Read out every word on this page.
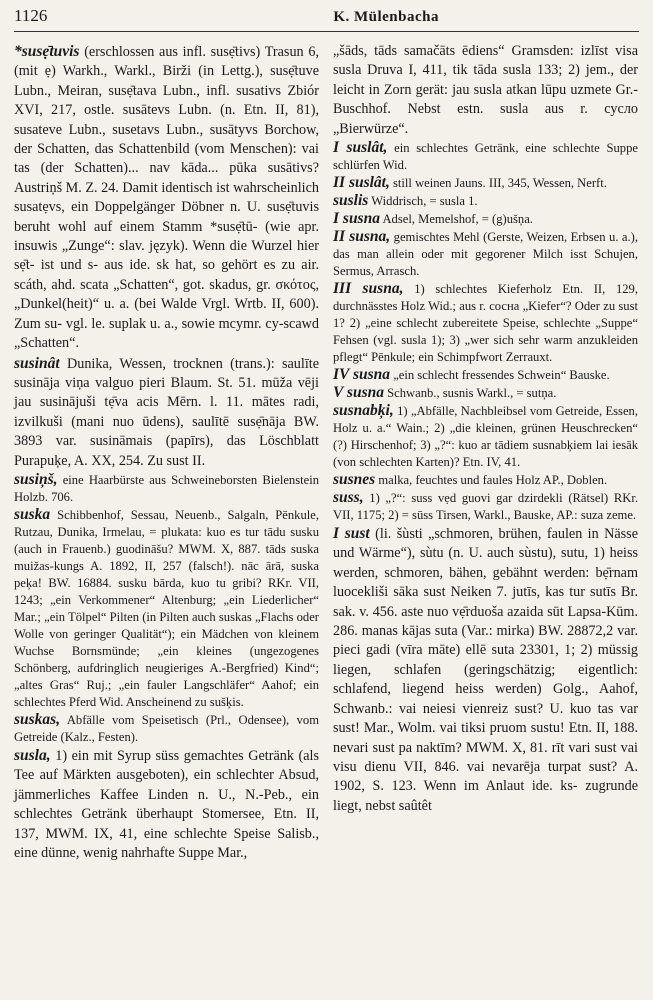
1126	K. Mülenbacha

*susẹ̄tuvis (erschlossen aus infl. susẹ̄tivs) Trasun 6, (mit ẹ) Warkh., Warkl., Birži (in Lettg.), susẹ̄tuve Lubn., Meiran, susẹ̄tava Lubn., infl. susativs Zbiór XVI, 217, ostle. susātevs Lubn. (n. Etn. II, 81), susateve Lubn., susetavs Lubn., susātyvs Borchow, der Schatten, das Schattenbild (vom Menschen): vai tas (der Schatten)... nav kāda... pūka susātivs? Austriņš M. Z. 24. Damit identisch ist wahrscheinlich susatẹvs, ein Doppelgänger Döbner n. U. susẹ̄tuvis beruht wohl auf einem Stamm *susẹ̄tū- (wie apr. insuwis „Zunge“: slav. język). Wenn die Wurzel hier sẹ̄t- ist und s- aus ide. sk hat, so gehört es zu air. scáth, ahd. scata „Schatten“, got. skadus, gr. σκότος, „Dunkel(heit)“ u. a. (bei Walde Vrgl. Wrtb. II, 600). Zum su- vgl. le. suplak u. a., sowie mcymr. cy-scawd „Schatten“.

susinât Dunika, Wessen, trocknen (trans.): saulīte susināja viņa valguo pieri Blaum. St. 51. mūža vēji jau susinājuši tẹ̄va acis Mērn. l. 11. mātes radi, izvilkuši (mani nuo ūdens), saulītē susẹ̄nāja BW. 3893 var. susināmais (papīrs), das Löschblatt Purapuķe, A. XX, 254. Zu sust II.

susiņš, eine Haarbürste aus Schweineborsten Bielenstein Holzb. 706.

suska Schibbenhof, Sessau, Neuenb., Salgaln, Pēnkule, Rutzau, Dunika, Irmelau, = plukata: kuo es tur tādu susku (auch in Frauenb.) guodināšu? MWM. X, 887. tāds suska muižas-kungs A. 1892, II, 257 (falsch!). nāc ārā, suska peķa! BW. 16884. susku bārda, kuo tu gribi? RKr. VII, 1243; „ein Verkommener“ Altenburg; „ein Liederlicher“ Mar.; „ein Tölpel“ Pilten (in Pilten auch suskas „Flachs oder Wolle von geringer Qualität“); ein Mädchen von kleinem Wuchse Bornsmünde; „ein kleines (ungezogenes Schönberg, aufdringlich neugieriges A.-Bergfried) Kind“; „altes Gras“ Ruj.; „ein fauler Langschläfer“ Aahof; ein schlechtes Pferd Wid. Anscheinend zu sušķis.

suskas, Abfälle vom Speisetisch (Prl., Odensee), vom Getreide (Kalz., Festen).

susla, 1) ein mit Syrup süss gemachtes Getränk (als Tee auf Märkten ausgeboten), ein schlechter Absud, jämmerliches Kaffee Linden n. U., N.-Peb., ein schlechtes Getränk überhaupt Stomersee, Etn. II, 137, MWM. IX, 41, eine schlechte Speise Salisb., eine dünne, wenig nahrhafte Suppe Mar.,

„šāds, tāds samačāts ēdiens“ Gramsden: izlīst visa susla Druva I, 411, tik tāda susla 133; 2) jem., der leicht in Zorn gerät: jau susla atkan lūpu uzmete Gr.-Buschhof. Nebst estn. susla aus r. сусло „Bierwürze“.

I suslât, ein schlechtes Getränk, eine schlechte Suppe schlürfen Wid.

II suslât, still weinen Jauns. III, 345, Wessen, Nerft.

suslis Widdrisch, = susla 1.

I susna Adsel, Memelshof, = (g)ušņa.

II susna, gemischtes Mehl (Gerste, Weizen, Erbsen u. a.), das man allein oder mit gegorener Milch isst Schujen, Sermus, Arrasch.

III susna, 1) schlechtes Kieferholz Etn. II, 129, durchnässtes Holz Wid.; aus r. сосна „Kiefer“? Oder zu sust 1? 2) „eine schlecht zubereitete Speise, schlechte „Suppe“ Fehsen (vgl. susla 1); 3) „wer sich sehr warm anzukleiden pflegt“ Pēnkule; ein Schimpfwort Zerrauxt.

IV susna „ein schlecht fressendes Schwein“ Bauske.

V susna Schwanb., susnis Warkl., = sutņa.

susnabķi, 1) „Abfälle, Nachbleibsel vom Getreide, Essen, Holz u. a.“ Wain.; 2) „die kleinen, grünen Heuschrecken“ (?) Hirschenhof; 3) „?“: kuo ar tādiem susnabķiem lai iesāk (von schlechten Karten)? Etn. IV, 41.

susnes malka, feuchtes und faules Holz AP., Doblen.

suss, 1) „?“: suss vẹd guovi gar dzirdekli (Rätsel) RKr. VII, 1175; 2) = sūss Tirsen, Warkl., Bauske, AP.: suza zeme.

I sust (li. šùsti „schmoren, brühen, faulen in Nässe und Wärme“), sùtu (n. U. auch sùstu), sutu, 1) heiss werden, schmoren, bähen, gebähnt werden: bẹ̄rnam luocekliši sāka sust Neiken 7. jutīs, kas tur sutīs Br. sak. v. 456. aste nuo vẹ̄rduoša azaida sūt Lapsa-Kūm. 286. manas kājas suta (Var.: mirka) BW. 28872,2 var. pieci gadi (vīra māte) ellē suta 23301, 1; 2) müssig liegen, schlafen (geringschätzig; eigentlich: schlafend, liegend heiss werden) Golg., Aahof, Schwanb.: vai neiesi vienreiz sust? U. kuo tas var sust! Mar., Wolm. vai tiksi pruom sustu! Etn. II, 188. nevari sust pa naktīm? MWM. X, 81. rīt vari sust vai visu dienu VII, 846. vai nevarēja turpat sust? A. 1902, S. 123. Wenn im Anlaut ide. ks- zugrunde liegt, nebst saûtêt
